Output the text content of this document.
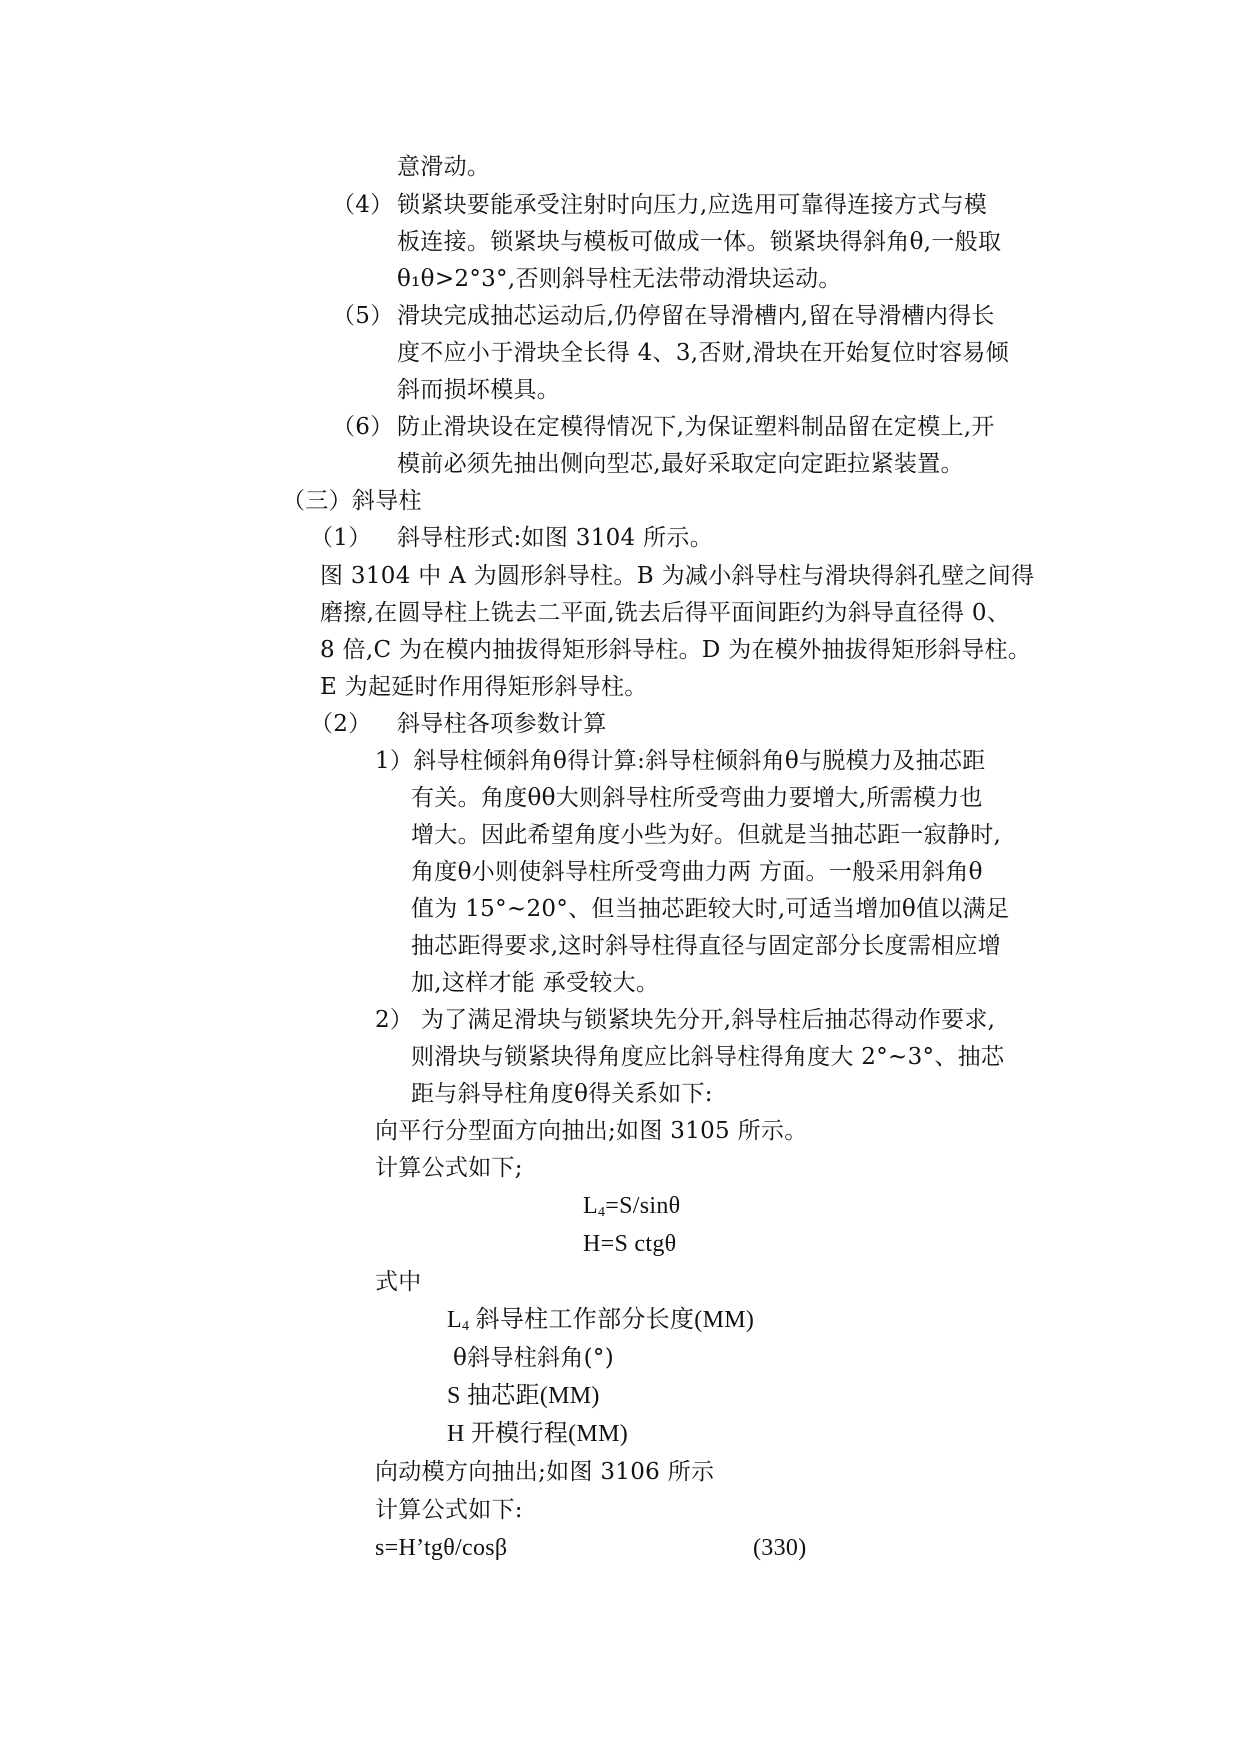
意滑动。
（4） 锁紧块要能承受注射时向压力,应选用可靠得连接方式与模
板连接。锁紧块与模板可做成一体。锁紧块得斜角θ,一般取
θ₁θ>2°3°,否则斜导柱无法带动滑块运动。
（5） 滑块完成抽芯运动后,仍停留在导滑槽内,留在导滑槽内得长
度不应小于滑块全长得 4、3,否财,滑块在开始复位时容易倾
斜而损坏模具。
（6） 防止滑块设在定模得情况下,为保证塑料制品留在定模上,开
模前必须先抽出侧向型芯,最好采取定向定距拉紧装置。
（三）斜导柱
（1） 斜导柱形式:如图 3104 所示。
图 3104 中 A 为圆形斜导柱。B 为减小斜导柱与滑块得斜孔壁之间得
磨擦,在圆导柱上铣去二平面,铣去后得平面间距约为斜导直径得 0、
8 倍,C 为在模内抽拔得矩形斜导柱。D 为在模外抽拔得矩形斜导柱。
E 为起延时作用得矩形斜导柱。
（2） 斜导柱各项参数计算
1）斜导柱倾斜角θ得计算:斜导柱倾斜角θ与脱模力及抽芯距
有关。角度θθ大则斜导柱所受弯曲力要增大,所需模力也
增大。因此希望角度小些为好。但就是当抽芯距一寂静时,
角度θ小则使斜导柱所受弯曲力两 方面。一般采用斜角θ
值为 15°~20°、但当抽芯距较大时,可适当增加θ值以满足
抽芯距得要求,这时斜导柱得直径与固定部分长度需相应增
加,这样才能 承受较大。
2） 为了满足滑块与锁紧块先分开,斜导柱后抽芯得动作要求,
则滑块与锁紧块得角度应比斜导柱得角度大 2°~3°、抽芯
距与斜导柱角度θ得关系如下:
向平行分型面方向抽出;如图 3105 所示。
计算公式如下;
$L_4=S$/sinθ
H=S ctgθ
式中
$L_4$ 斜导柱工作部分长度(MM)
θ斜导柱斜角(°)
S 抽芯距(MM)
H 开模行程(MM)
向动模方向抽出;如图 3106 所示
计算公式如下:
s=H’tgθ/cosβ	(330)
